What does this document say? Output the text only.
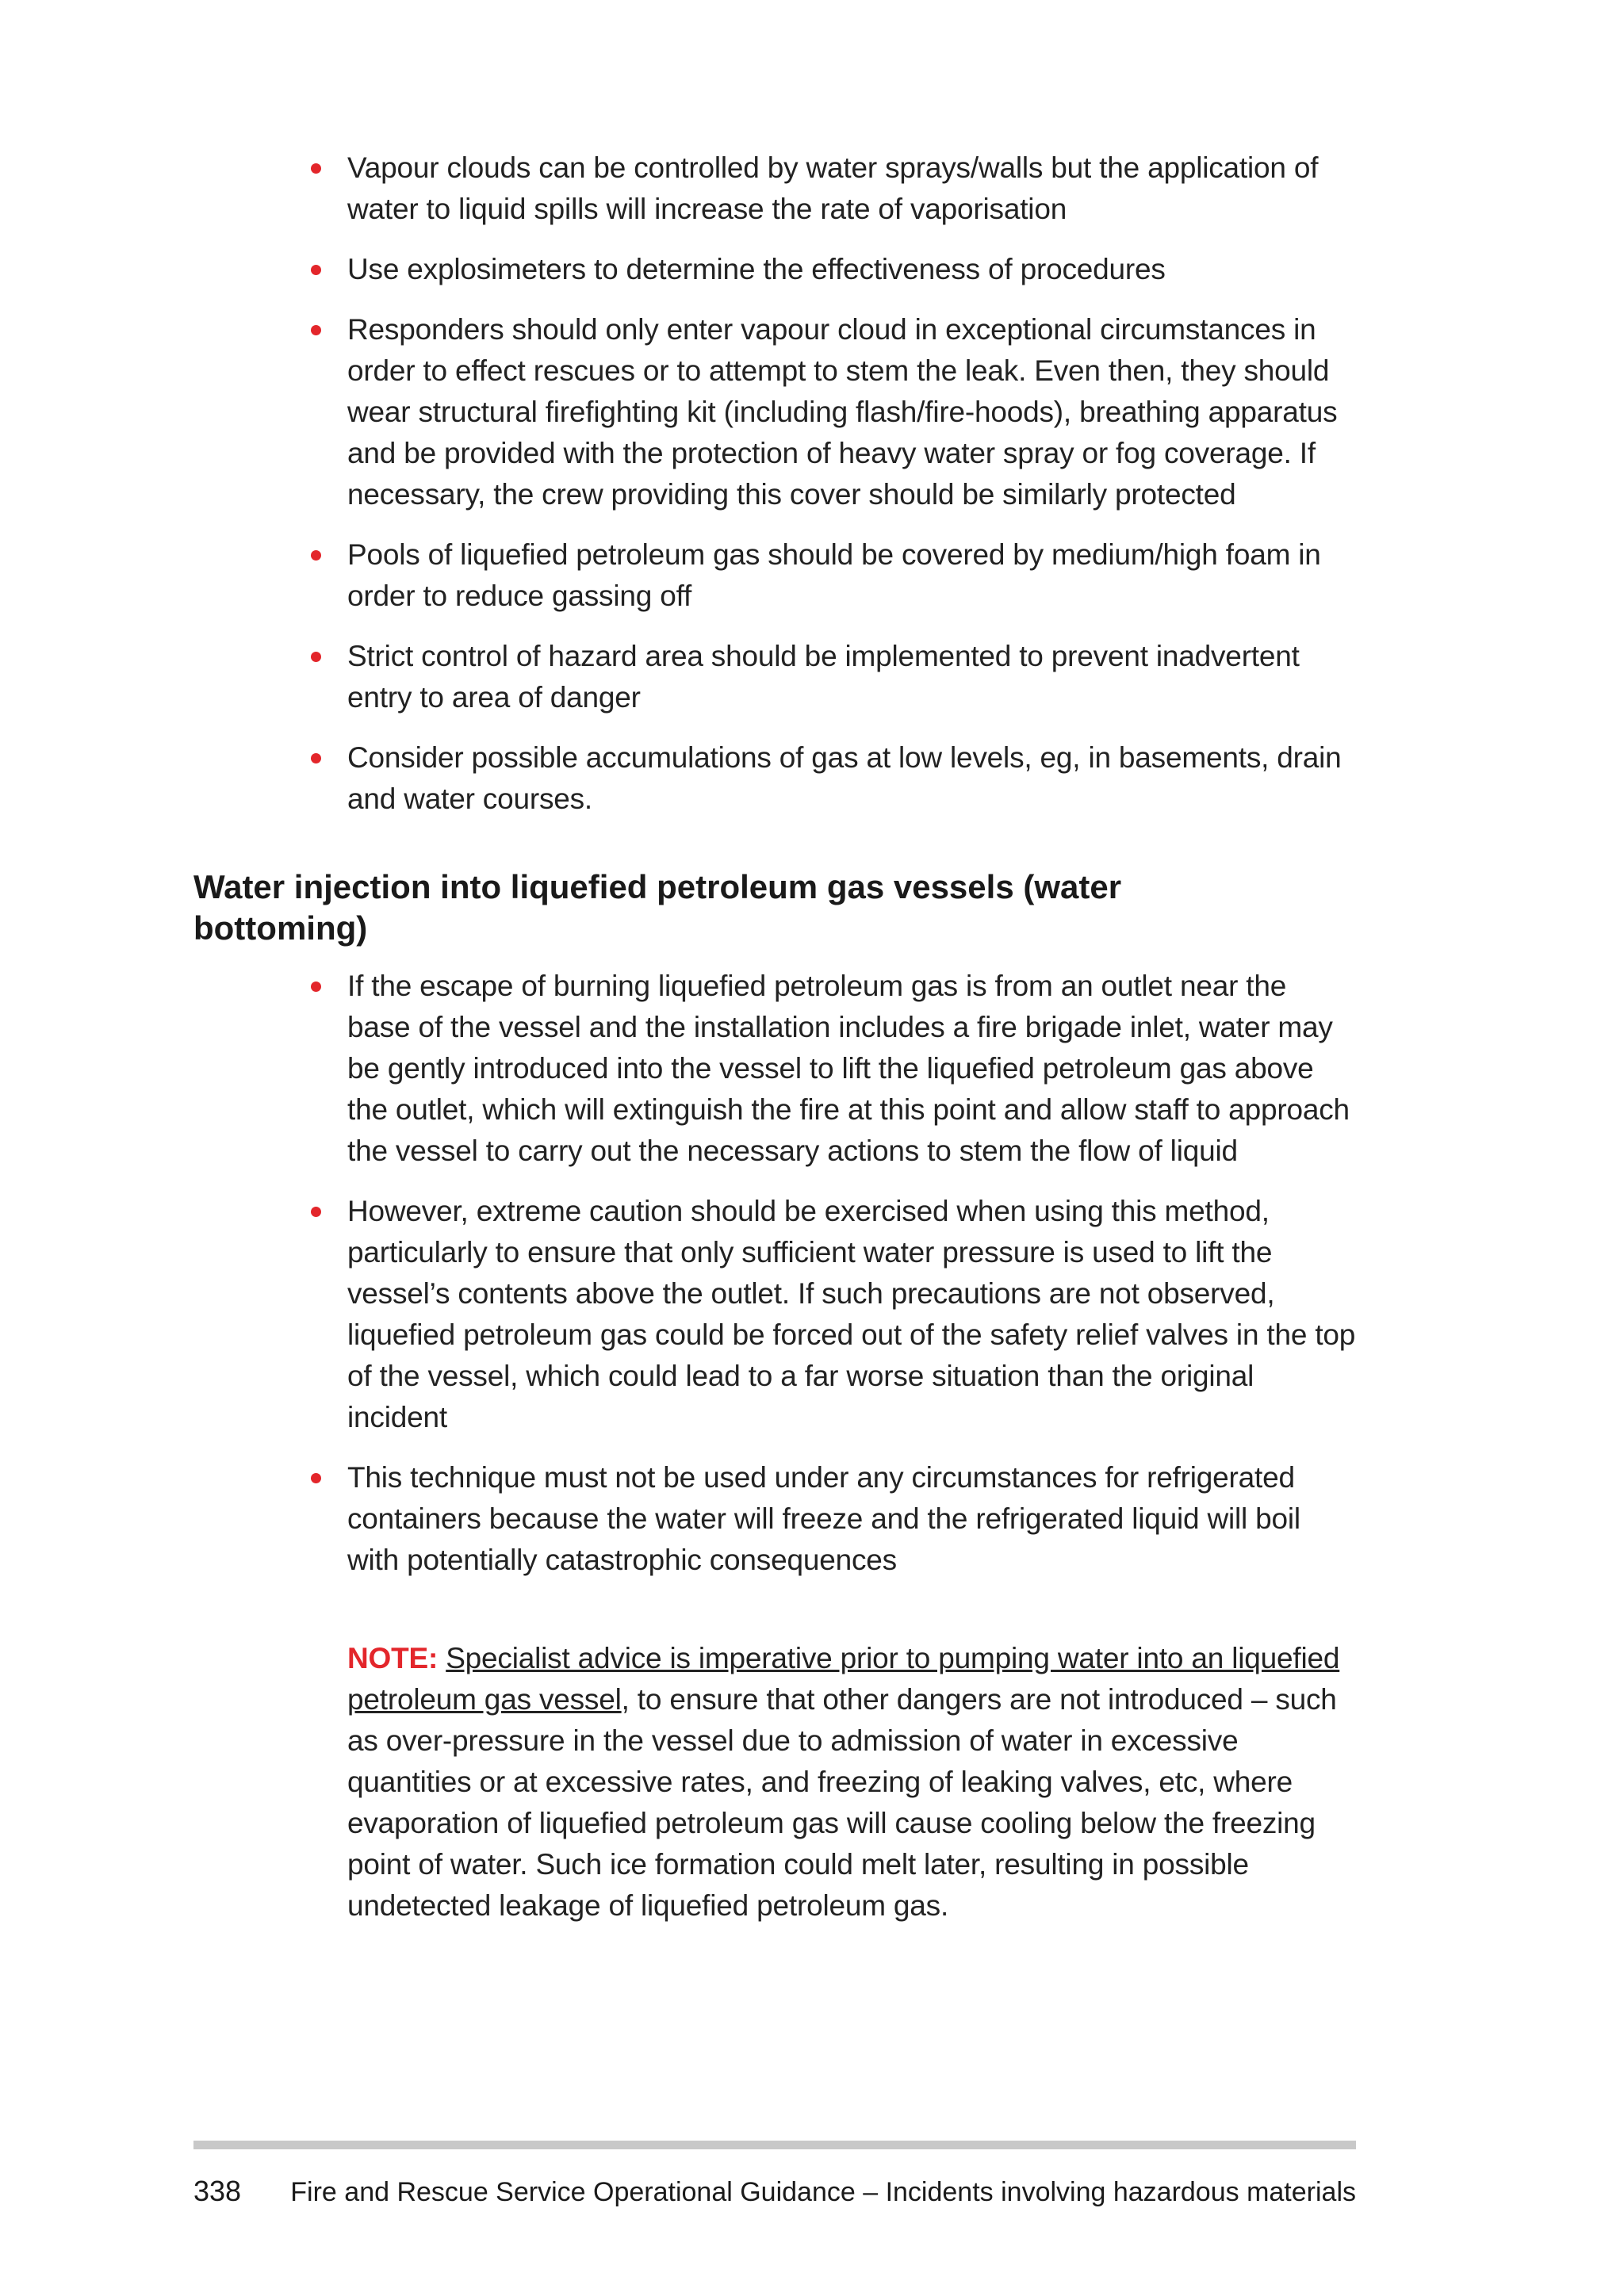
Vapour clouds can be controlled by water sprays/walls but the application of water to liquid spills will increase the rate of vaporisation
Use explosimeters to determine the effectiveness of procedures
Responders should only enter vapour cloud in exceptional circumstances in order to effect rescues or to attempt to stem the leak. Even then, they should wear structural firefighting kit (including flash/fire-hoods), breathing apparatus and be provided with the protection of heavy water spray or fog coverage. If necessary, the crew providing this cover should be similarly protected
Pools of liquefied petroleum gas should be covered by medium/high foam in order to reduce gassing off
Strict control of hazard area should be implemented to prevent inadvertent entry to area of danger
Consider possible accumulations of gas at low levels, eg, in basements, drain and water courses.
Water injection into liquefied petroleum gas vessels (water bottoming)
If the escape of burning liquefied petroleum gas is from an outlet near the base of the vessel and the installation includes a fire brigade inlet, water may be gently introduced into the vessel to lift the liquefied petroleum gas above the outlet, which will extinguish the fire at this point and allow staff to approach the vessel to carry out the necessary actions to stem the flow of liquid
However, extreme caution should be exercised when using this method, particularly to ensure that only sufficient water pressure is used to lift the vessel’s contents above the outlet. If such precautions are not observed, liquefied petroleum gas could be forced out of the safety relief valves in the top of the vessel, which could lead to a far worse situation than the original incident
This technique must not be used under any circumstances for refrigerated containers because the water will freeze and the refrigerated liquid will boil with potentially catastrophic consequences

NOTE: Specialist advice is imperative prior to pumping water into an liquefied petroleum gas vessel, to ensure that other dangers are not introduced – such as over-pressure in the vessel due to admission of water in excessive quantities or at excessive rates, and freezing of leaking valves, etc, where evaporation of liquefied petroleum gas will cause cooling below the freezing point of water. Such ice formation could melt later, resulting in possible undetected leakage of liquefied petroleum gas.

338 Fire and Rescue Service Operational Guidance – Incidents involving hazardous materials
